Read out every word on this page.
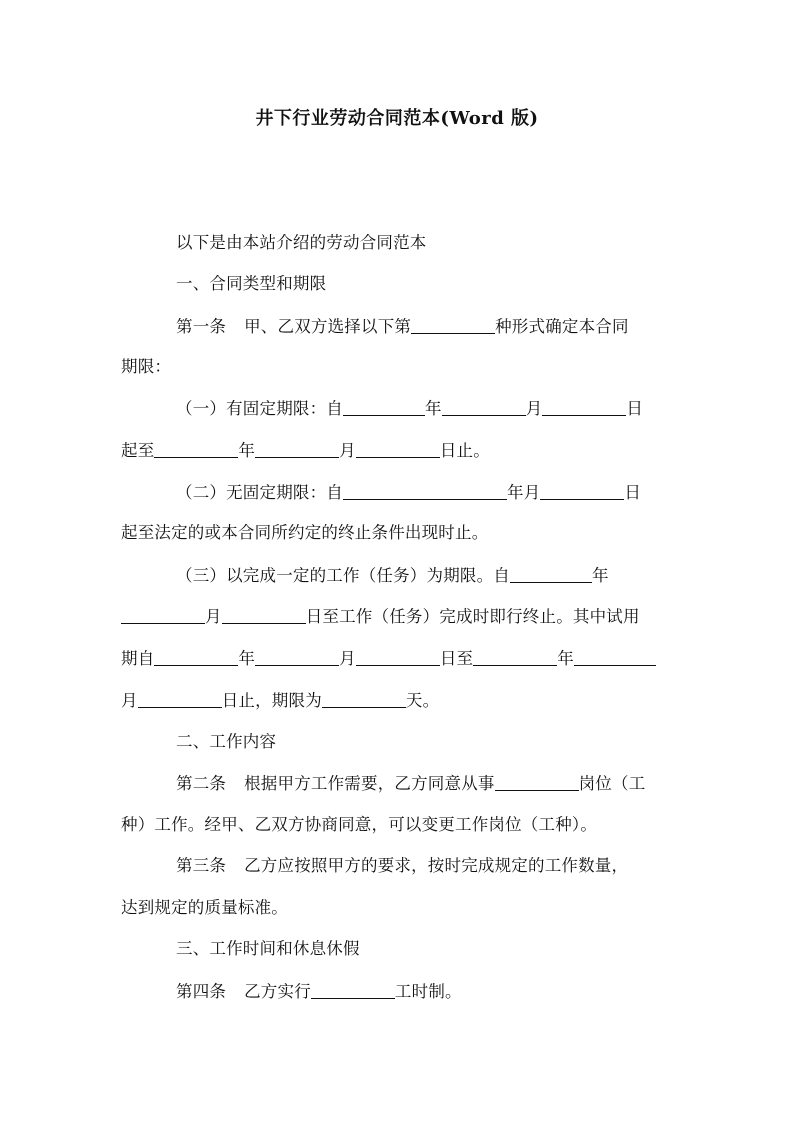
井下行业劳动合同范本(Word 版)
以下是由本站介绍的劳动合同范本
一、合同类型和期限
第一条 甲、乙双方选择以下第	种形式确定本合同
期限：
（一）有固定期限：自	年	月	日
起至	年	月	日止。
（二）无固定期限：自	年月	日
起至法定的或本合同所约定的终止条件出现时止。
（三）以完成一定的工作（任务）为期限。自	年
月	日至工作（任务）完成时即行终止。其中试用
期自	年	月	日至	年
月	日止，期限为	天。
二、工作内容
第二条 根据甲方工作需要，乙方同意从事	岗位（工
种）工作。经甲、乙双方协商同意，可以变更工作岗位（工种）。
第三条 乙方应按照甲方的要求，按时完成规定的工作数量，
达到规定的质量标准。
三、工作时间和休息休假
第四条 乙方实行	工时制。
